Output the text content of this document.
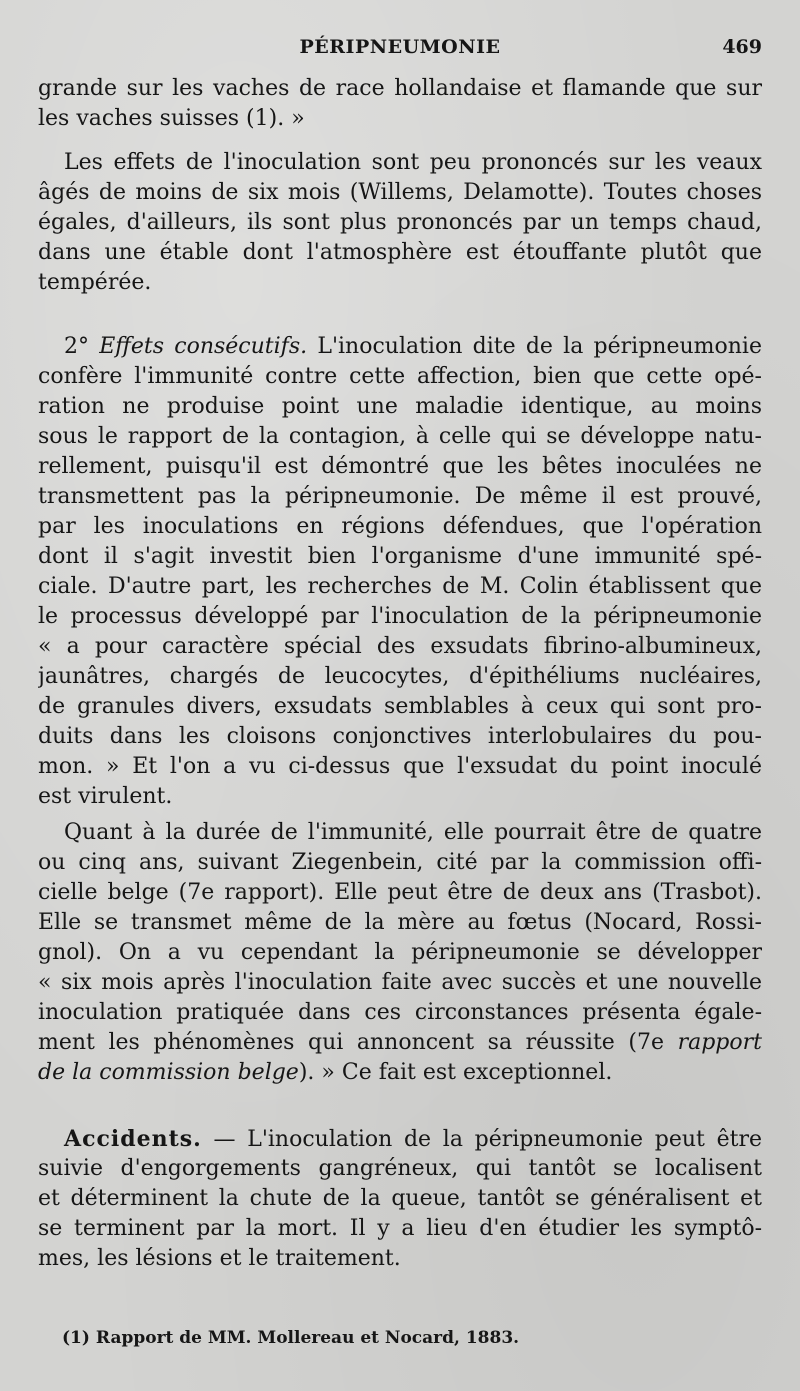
PÉRIPNEUMONIE	469
grande sur les vaches de race hollandaise et flamande que sur
les vaches suisses (1). »
Les effets de l'inoculation sont peu prononcés sur les veaux
âgés de moins de six mois (Willems, Delamotte). Toutes choses
égales, d'ailleurs, ils sont plus prononcés par un temps chaud,
dans une étable dont l'atmosphère est étouffante plutôt que
tempérée.
2° Effets consécutifs. L'inoculation dite de la péripneumonie
confère l'immunité contre cette affection, bien que cette opé-
ration ne produise point une maladie identique, au moins
sous le rapport de la contagion, à celle qui se développe natu-
rellement, puisqu'il est démontré que les bêtes inoculées ne
transmettent pas la péripneumonie. De même il est prouvé,
par les inoculations en régions défendues, que l'opération
dont il s'agit investit bien l'organisme d'une immunité spé-
ciale. D'autre part, les recherches de M. Colin établissent que
le processus développé par l'inoculation de la péripneumonie
« a pour caractère spécial des exsudats fibrino-albumineux,
jaunâtres, chargés de leucocytes, d'épithéliums nucléaires,
de granules divers, exsudats semblables à ceux qui sont pro-
duits dans les cloisons conjonctives interlobulaires du pou-
mon. » Et l'on a vu ci-dessus que l'exsudat du point inoculé
est virulent.
Quant à la durée de l'immunité, elle pourrait être de quatre
ou cinq ans, suivant Ziegenbein, cité par la commission offi-
cielle belge (7e rapport). Elle peut être de deux ans (Trasbot).
Elle se transmet même de la mère au fœtus (Nocard, Rossi-
gnol). On a vu cependant la péripneumonie se développer
« six mois après l'inoculation faite avec succès et une nouvelle
inoculation pratiquée dans ces circonstances présenta égale-
ment les phénomènes qui annoncent sa réussite (7e rapport
de la commission belge). » Ce fait est exceptionnel.
Accidents. — L'inoculation de la péripneumonie peut être
suivie d'engorgements gangréneux, qui tantôt se localisent
et déterminent la chute de la queue, tantôt se généralisent et
se terminent par la mort. Il y a lieu d'en étudier les symptô-
mes, les lésions et le traitement.
(1) Rapport de MM. Mollereau et Nocard, 1883.
